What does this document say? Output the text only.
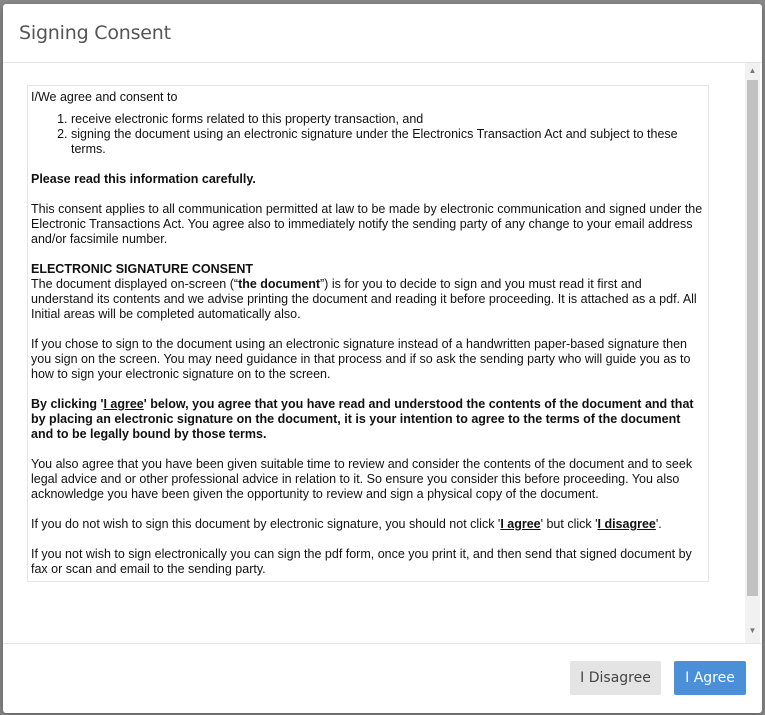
Signing Consent

I/We agree and consent to

1. receive electronic forms related to this property transaction, and
2. signing the document using an electronic signature under the Electronics Transaction Act and subject to these terms.

Please read this information carefully.

This consent applies to all communication permitted at law to be made by electronic communication and signed under the Electronic Transactions Act. You agree also to immediately notify the sending party of any change to your email address and/or facsimile number.

ELECTRONIC SIGNATURE CONSENT
The document displayed on-screen (“the document”) is for you to decide to sign and you must read it first and understand its contents and we advise printing the document and reading it before proceeding. It is attached as a pdf. All Initial areas will be completed automatically also.

If you chose to sign to the document using an electronic signature instead of a handwritten paper-based signature then you sign on the screen. You may need guidance in that process and if so ask the sending party who will guide you as to how to sign your electronic signature on to the screen.

By clicking 'I agree' below, you agree that you have read and understood the contents of the document and that by placing an electronic signature on the document, it is your intention to agree to the terms of the document and to be legally bound by those terms.

You also agree that you have been given suitable time to review and consider the contents of the document and to seek legal advice and or other professional advice in relation to it. So ensure you consider this before proceeding. You also acknowledge you have been given the opportunity to review and sign a physical copy of the document.

If you do not wish to sign this document by electronic signature, you should not click 'I agree' but click 'I disagree'.

If you not wish to sign electronically you can sign the pdf form, once you print it, and then send that signed document by fax or scan and email to the sending party.

▲
▼
I Disagree	I Agree
